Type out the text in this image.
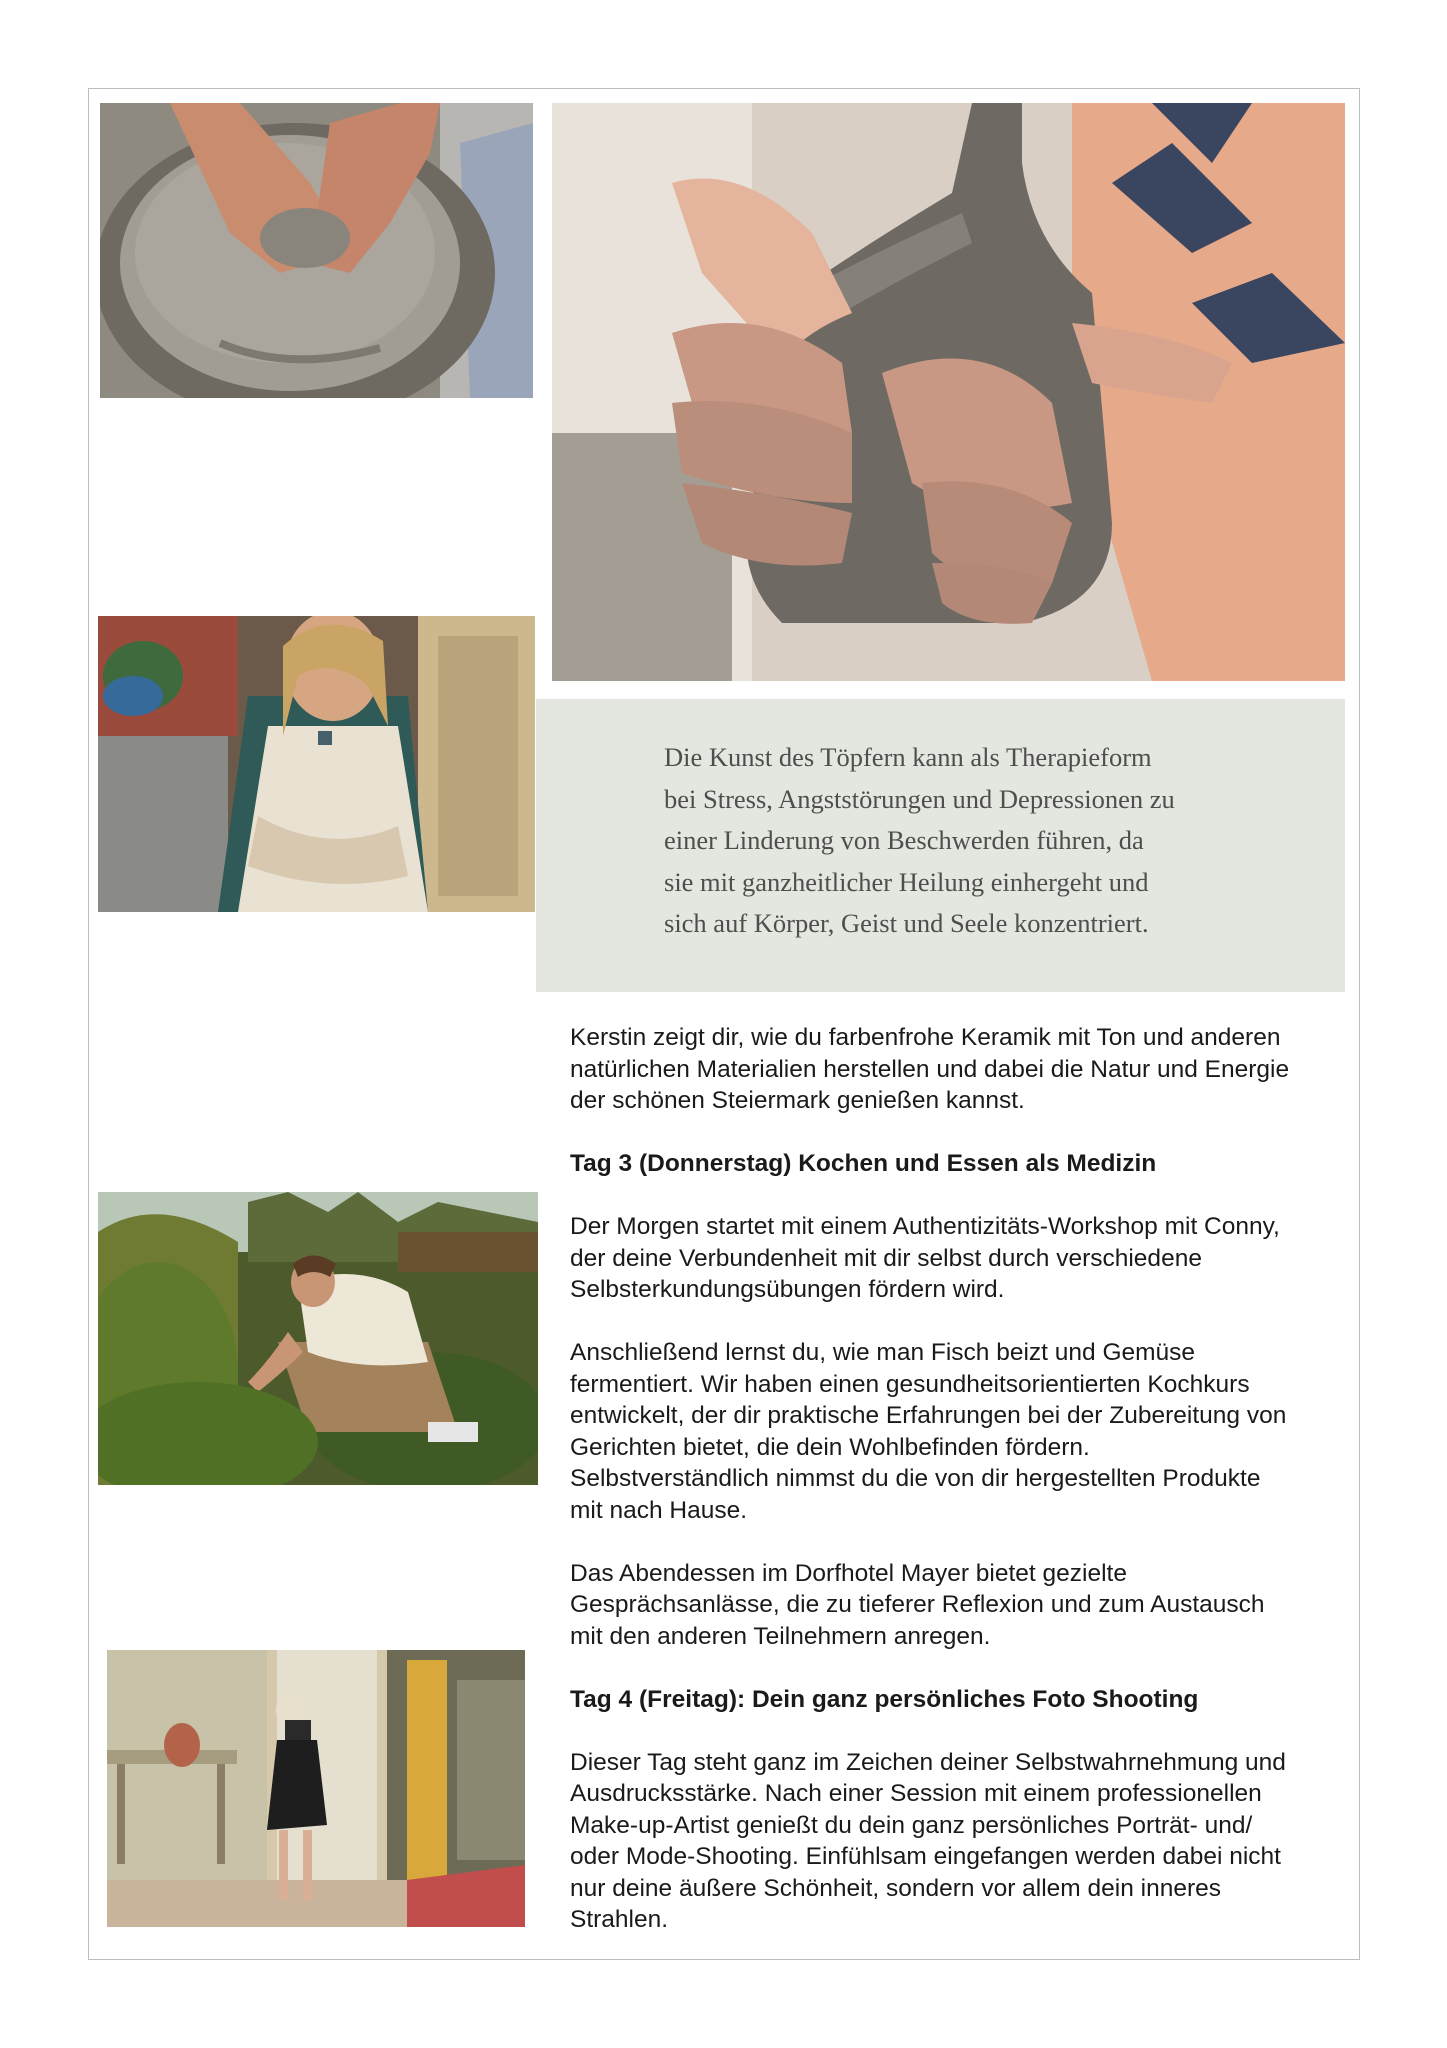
Die Kunst des Töpfern kann als Therapieform
bei Stress, Angststörungen und Depressionen zu
einer Linderung von Beschwerden führen, da
sie mit ganzheitlicher Heilung einhergeht und
sich auf Körper, Geist und Seele konzentriert.

Kerstin zeigt dir, wie du farbenfrohe Keramik mit Ton und anderen
natürlichen Materialien herstellen und dabei die Natur und Energie
der schönen Steiermark genießen kannst.

Tag 3 (Donnerstag) Kochen und Essen als Medizin

Der Morgen startet mit einem Authentizitäts-Workshop mit Conny,
der deine Verbundenheit mit dir selbst durch verschiedene
Selbsterkundungsübungen fördern wird.

Anschließend lernst du, wie man Fisch beizt und Gemüse
fermentiert. Wir haben einen gesundheitsorientierten Kochkurs
entwickelt, der dir praktische Erfahrungen bei der Zubereitung von
Gerichten bietet, die dein Wohlbefinden fördern.
Selbstverständlich nimmst du die von dir hergestellten Produkte
mit nach Hause.

Das Abendessen im Dorfhotel Mayer bietet gezielte
Gesprächsanlässe, die zu tieferer Reflexion und zum Austausch
mit den anderen Teilnehmern anregen.

Tag 4 (Freitag): Dein ganz persönliches Foto Shooting

Dieser Tag steht ganz im Zeichen deiner Selbstwahrnehmung und
Ausdrucksstärke. Nach einer Session mit einem professionellen
Make-up-Artist genießt du dein ganz persönliches Porträt- und/
oder Mode-Shooting. Einfühlsam eingefangen werden dabei nicht
nur deine äußere Schönheit, sondern vor allem dein inneres
Strahlen.
